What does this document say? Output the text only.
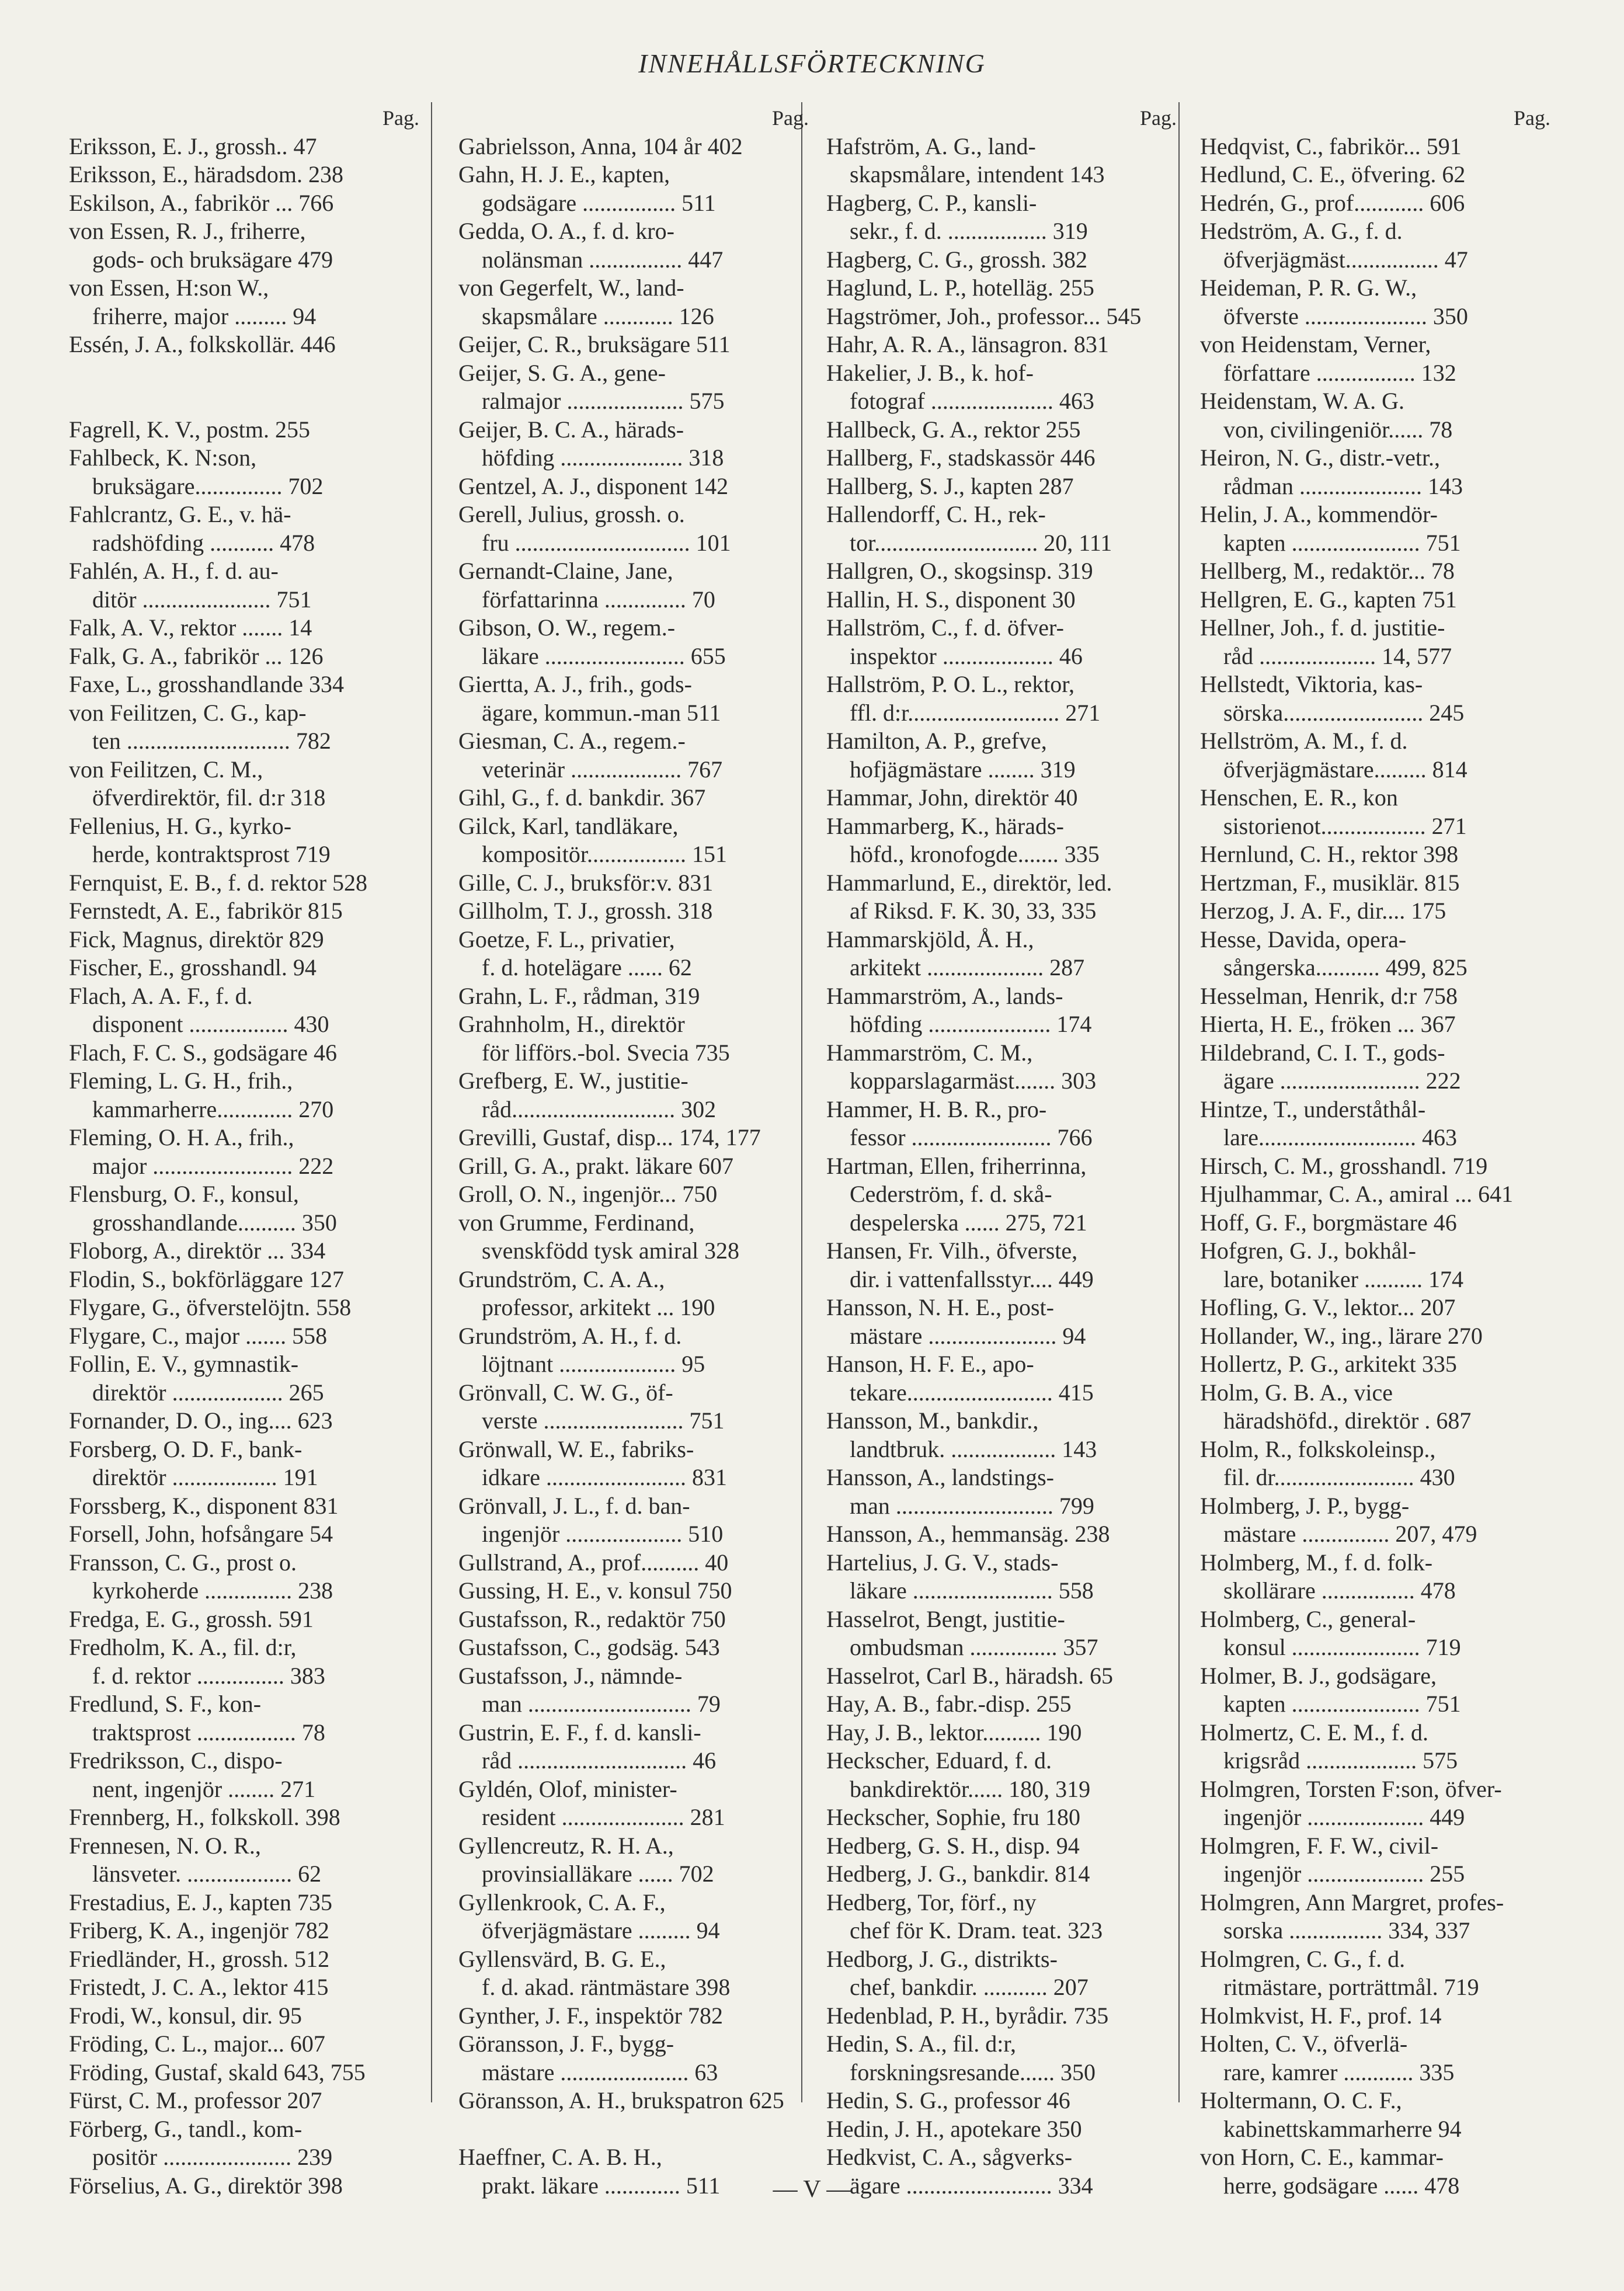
INNEHÅLLSFÖRTECKNING
Pag.
Eriksson, E. J., grossh.. 47
Eriksson, E., häradsdom. 238
Eskilson, A., fabrikör ... 766
von Essen, R. J., friherre,
gods- och bruksägare 479
von Essen, H:son W.,
friherre, major ......... 94
Essén, J. A., folkskollär. 446
Fagrell, K. V., postm. 255
Fahlbeck, K. N:son,
bruksägare............... 702
Fahlcrantz, G. E., v. hä-
radshöfding ........... 478
Fahlén, A. H., f. d. au-
ditör ...................... 751
Falk, A. V., rektor ....... 14
Falk, G. A., fabrikör ... 126
Faxe, L., grosshandlande 334
von Feilitzen, C. G., kap-
ten ............................ 782
von Feilitzen, C. M.,
öfverdirektör, fil. d:r 318
Fellenius, H. G., kyrko-
herde, kontraktsprost 719
Fernquist, E. B., f. d. rektor 528
Fernstedt, A. E., fabrikör 815
Fick, Magnus, direktör 829
Fischer, E., grosshandl. 94
Flach, A. A. F., f. d.
disponent ................. 430
Flach, F. C. S., godsägare 46
Fleming, L. G. H., frih.,
kammarherre............. 270
Fleming, O. H. A., frih.,
major ........................ 222
Flensburg, O. F., konsul,
grosshandlande.......... 350
Floborg, A., direktör ... 334
Flodin, S., bokförläggare 127
Flygare, G., öfverstelöjtn. 558
Flygare, C., major ....... 558
Follin, E. V., gymnastik-
direktör ................... 265
Fornander, D. O., ing.... 623
Forsberg, O. D. F., bank-
direktör .................. 191
Forssberg, K., disponent 831
Forsell, John, hofsångare 54
Fransson, C. G., prost o.
kyrkoherde ............... 238
Fredga, E. G., grossh. 591
Fredholm, K. A., fil. d:r,
f. d. rektor ............... 383
Fredlund, S. F., kon-
traktsprost ................. 78
Fredriksson, C., dispo-
nent, ingenjör ........ 271
Frennberg, H., folkskoll. 398
Frennesen, N. O. R.,
länsveter. .................. 62
Frestadius, E. J., kapten 735
Friberg, K. A., ingenjör 782
Friedländer, H., grossh. 512
Fristedt, J. C. A., lektor 415
Frodi, W., konsul, dir. 95
Fröding, C. L., major... 607
Fröding, Gustaf, skald 643, 755
Fürst, C. M., professor 207
Förberg, G., tandl., kom-
positör ...................... 239
Förselius, A. G., direktör 398
Pag.
Gabrielsson, Anna, 104 år 402
Gahn, H. J. E., kapten,
godsägare ................ 511
Gedda, O. A., f. d. kro-
nolänsman ................ 447
von Gegerfelt, W., land-
skapsmålare ............ 126
Geijer, C. R., bruksägare 511
Geijer, S. G. A., gene-
ralmajor .................... 575
Geijer, B. C. A., härads-
höfding ..................... 318
Gentzel, A. J., disponent 142
Gerell, Julius, grossh. o.
fru .............................. 101
Gernandt-Claine, Jane,
författarinna .............. 70
Gibson, O. W., regem.-
läkare ........................ 655
Giertta, A. J., frih., gods-
ägare, kommun.-man 511
Giesman, C. A., regem.-
veterinär ................... 767
Gihl, G., f. d. bankdir. 367
Gilck, Karl, tandläkare,
kompositör................. 151
Gille, C. J., bruksför:v. 831
Gillholm, T. J., grossh. 318
Goetze, F. L., privatier,
f. d. hotelägare ...... 62
Grahn, L. F., rådman, 319
Grahnholm, H., direktör
för lifförs.-bol. Svecia 735
Grefberg, E. W., justitie-
råd............................ 302
Grevilli, Gustaf, disp... 174, 177
Grill, G. A., prakt. läkare 607
Groll, O. N., ingenjör... 750
von Grumme, Ferdinand,
svenskfödd tysk amiral 328
Grundström, C. A. A.,
professor, arkitekt ... 190
Grundström, A. H., f. d.
löjtnant .................... 95
Grönvall, C. W. G., öf-
verste ........................ 751
Grönwall, W. E., fabriks-
idkare ........................ 831
Grönvall, J. L., f. d. ban-
ingenjör .................... 510
Gullstrand, A., prof.......... 40
Gussing, H. E., v. konsul 750
Gustafsson, R., redaktör 750
Gustafsson, C., godsäg. 543
Gustafsson, J., nämnde-
man ............................ 79
Gustrin, E. F., f. d. kansli-
råd ............................. 46
Gyldén, Olof, minister-
resident ..................... 281
Gyllencreutz, R. H. A.,
provinsialläkare ...... 702
Gyllenkrook, C. A. F.,
öfverjägmästare ......... 94
Gyllensvärd, B. G. E.,
f. d. akad. räntmästare 398
Gynther, J. F., inspektör 782
Göransson, J. F., bygg-
mästare ...................... 63
Göransson, A. H., brukspatron 625
Haeffner, C. A. B. H.,
prakt. läkare ............. 511
Pag.
Hafström, A. G., land-
skapsmålare, intendent 143
Hagberg, C. P., kansli-
sekr., f. d. ................. 319
Hagberg, C. G., grossh. 382
Haglund, L. P., hotelläg. 255
Hagströmer, Joh., professor... 545
Hahr, A. R. A., länsagron. 831
Hakelier, J. B., k. hof-
fotograf ..................... 463
Hallbeck, G. A., rektor 255
Hallberg, F., stadskassör 446
Hallberg, S. J., kapten 287
Hallendorff, C. H., rek-
tor............................ 20, 111
Hallgren, O., skogsinsp. 319
Hallin, H. S., disponent 30
Hallström, C., f. d. öfver-
inspektor ................... 46
Hallström, P. O. L., rektor,
ffl. d:r.......................... 271
Hamilton, A. P., grefve,
hofjägmästare ........ 319
Hammar, John, direktör 40
Hammarberg, K., härads-
höfd., kronofogde....... 335
Hammarlund, E., direktör, led.
af Riksd. F. K. 30, 33, 335
Hammarskjöld, Å. H.,
arkitekt .................... 287
Hammarström, A., lands-
höfding ..................... 174
Hammarström, C. M.,
kopparslagarmäst....... 303
Hammer, H. B. R., pro-
fessor ........................ 766
Hartman, Ellen, friherrinna,
Cederström, f. d. skå-
despelerska ...... 275, 721
Hansen, Fr. Vilh., öfverste,
dir. i vattenfallsstyr.... 449
Hansson, N. H. E., post-
mästare ...................... 94
Hanson, H. F. E., apo-
tekare......................... 415
Hansson, M., bankdir.,
landtbruk. .................. 143
Hansson, A., landstings-
man ........................... 799
Hansson, A., hemmansäg. 238
Hartelius, J. G. V., stads-
läkare ........................ 558
Hasselrot, Bengt, justitie-
ombudsman ............... 357
Hasselrot, Carl B., häradsh. 65
Hay, A. B., fabr.-disp. 255
Hay, J. B., lektor.......... 190
Heckscher, Eduard, f. d.
bankdirektör...... 180, 319
Heckscher, Sophie, fru 180
Hedberg, G. S. H., disp. 94
Hedberg, J. G., bankdir. 814
Hedberg, Tor, förf., ny
chef för K. Dram. teat. 323
Hedborg, J. G., distrikts-
chef, bankdir. ........... 207
Hedenblad, P. H., byrådir. 735
Hedin, S. A., fil. d:r,
forskningsresande...... 350
Hedin, S. G., professor 46
Hedin, J. H., apotekare 350
Hedkvist, C. A., sågverks-
ägare ......................... 334
Pag.
Hedqvist, C., fabrikör... 591
Hedlund, C. E., öfvering. 62
Hedrén, G., prof............ 606
Hedström, A. G., f. d.
öfverjägmäst................ 47
Heideman, P. R. G. W.,
öfverste ..................... 350
von Heidenstam, Verner,
författare ................. 132
Heidenstam, W. A. G.
von, civilingeniör...... 78
Heiron, N. G., distr.-vetr.,
rådman ..................... 143
Helin, J. A., kommendör-
kapten ...................... 751
Hellberg, M., redaktör... 78
Hellgren, E. G., kapten 751
Hellner, Joh., f. d. justitie-
råd .................... 14, 577
Hellstedt, Viktoria, kas-
sörska........................ 245
Hellström, A. M., f. d.
öfverjägmästare......... 814
Henschen, E. R., kon
sistorienot.................. 271
Hernlund, C. H., rektor 398
Hertzman, F., musiklär. 815
Herzog, J. A. F., dir.... 175
Hesse, Davida, opera-
sångerska........... 499, 825
Hesselman, Henrik, d:r 758
Hierta, H. E., fröken ... 367
Hildebrand, C. I. T., gods-
ägare ........................ 222
Hintze, T., underståthål-
lare........................... 463
Hirsch, C. M., grosshandl. 719
Hjulhammar, C. A., amiral ... 641
Hoff, G. F., borgmästare 46
Hofgren, G. J., bokhål-
lare, botaniker .......... 174
Hofling, G. V., lektor... 207
Hollander, W., ing., lärare 270
Hollertz, P. G., arkitekt 335
Holm, G. B. A., vice
häradshöfd., direktör . 687
Holm, R., folkskoleinsp.,
fil. dr........................ 430
Holmberg, J. P., bygg-
mästare ............... 207, 479
Holmberg, M., f. d. folk-
skollärare ................ 478
Holmberg, C., general-
konsul ...................... 719
Holmer, B. J., godsägare,
kapten ...................... 751
Holmertz, C. E. M., f. d.
krigsråd ................... 575
Holmgren, Torsten F:son, öfver-
ingenjör .................... 449
Holmgren, F. F. W., civil-
ingenjör .................... 255
Holmgren, Ann Margret, profes-
sorska ................ 334, 337
Holmgren, C. G., f. d.
ritmästare, porträttmål. 719
Holmkvist, H. F., prof. 14
Holten, C. V., öfverlä-
rare, kamrer ............ 335
Holtermann, O. C. F.,
kabinettskammarherre 94
von Horn, C. E., kammar-
herre, godsägare ...... 478
— V —
